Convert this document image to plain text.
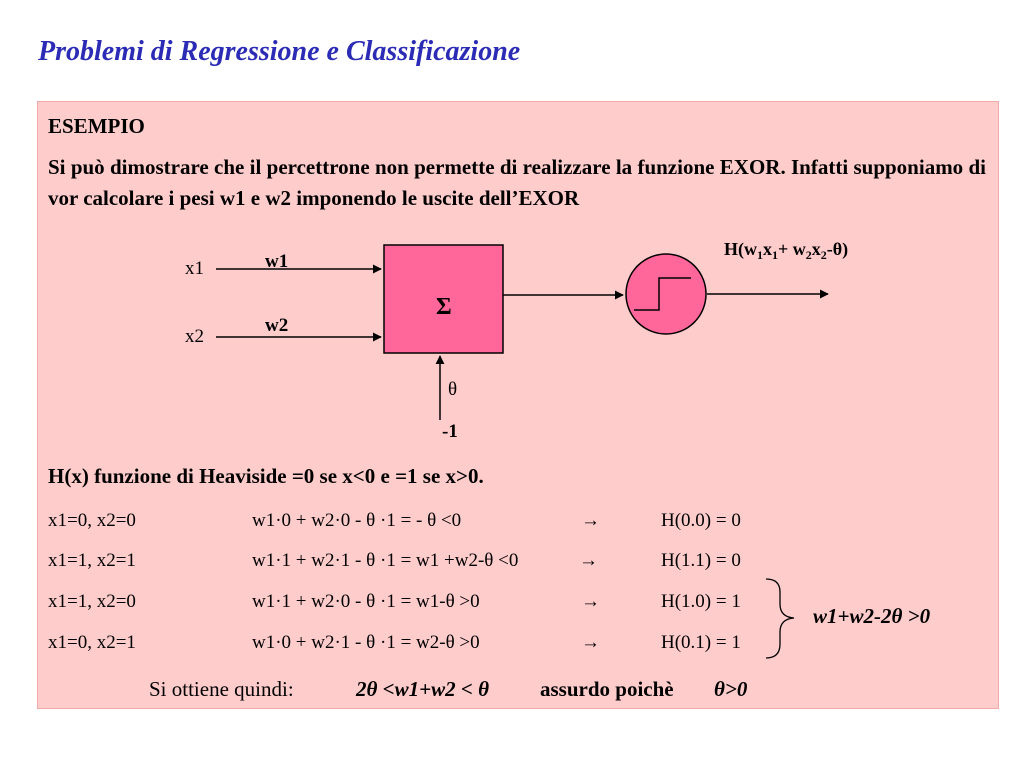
Problemi di Regressione e Classificazione
ESEMPIO
Si può dimostrare che il percettrone non permette di realizzare la funzione EXOR. Infatti supponiamo di vor calcolare i pesi w1 e w2 imponendo le uscite dell’EXOR
x1
x2
w1
w2
Σ
θ
-1
$H(w_1x_1+ w_2x_2-\theta)$
H(x) funzione di Heaviside =0 se x<0 e =1 se x>0.
x1=0, x2=0	w1·0 + w2·0 - θ ·1 = - θ <0	→	H(0.0) = 0
x1=1, x2=1	w1·1 + w2·1 - θ ·1 = w1 +w2-θ <0	→	H(1.1) = 0
x1=1, x2=0	w1·1 + w2·0 - θ ·1 = w1-θ >0	→	H(1.0) = 1
x1=0, x2=1	w1·0 + w2·1 - θ ·1 = w2-θ >0	→	H(0.1) = 1
w1+w2-2θ >0
Si ottiene quindi:	2θ <w1+w2 < θ assurdo poichè θ>0
